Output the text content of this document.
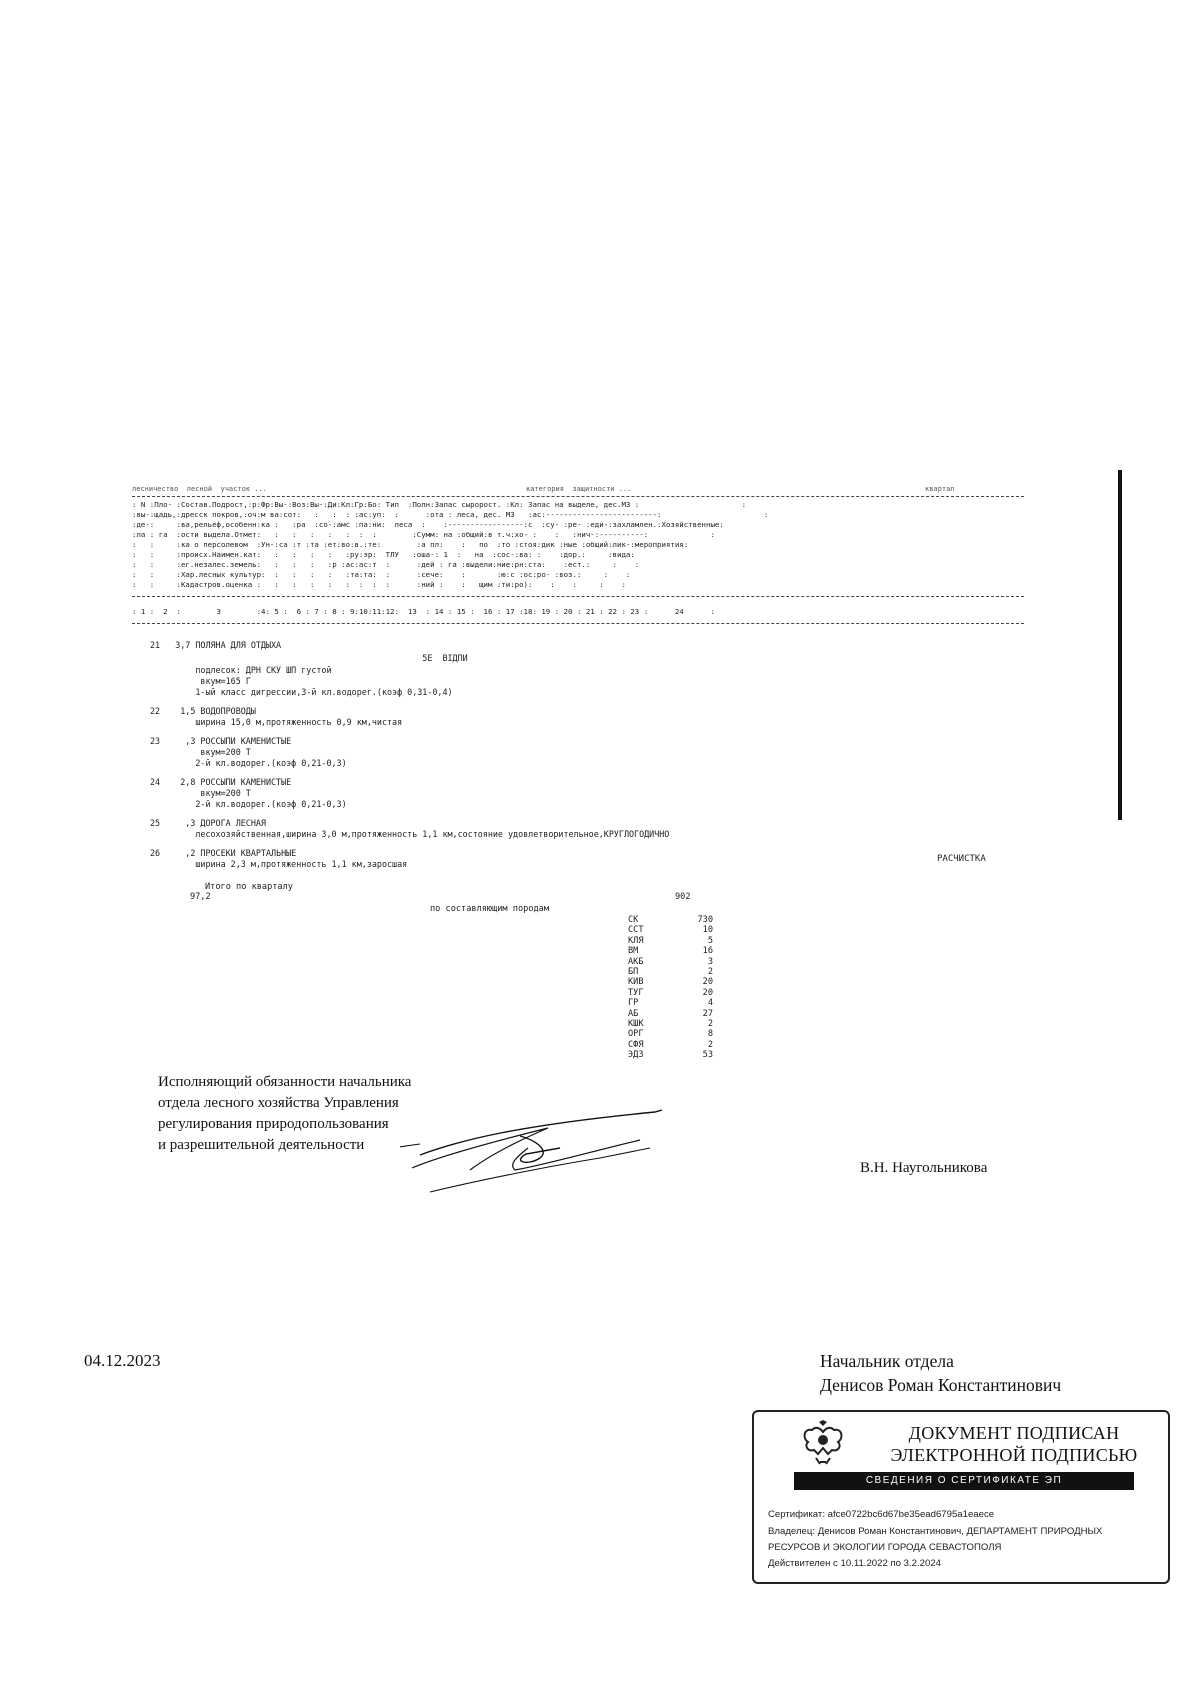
лесничество  лесной  участок ...	категория  защитности ...	квартал
: N :Пло- :Состав.Подрост,:р:Фр:Вы-:Воз:Вы-:Ди:Кл:Гр:Бо: Тип  :Полн:Запас сыророст. :Кл: Запас на выделе, дес.М3 :                       :
:вы-:щадь,:дресск покров,:оч:м ва:сот:   :   :  : :ас:уп:  :      :ота : леса, дес. М3   :ас:-------------------------:                       :
:де-:     :ва,рельеф,особенн:ка :   :ра  :со-:амс :па:ни:  леса  :    :-----------------:с  :су- :ре- :еди-:захламлен.:Хозяйственные:
:ла : га  :ости выдела.Отмет:   :   :   :   :   :  :  :        :Сумм: на :общий:в т.ч:хо- :    :   :нич-:----------:              :
:   :     :ка о персолевом  :Ун-:са :т :та :ет:во:в.:те:        :а пл:    :   по  :то :стоя:дик :ные :общий:лик-:мероприятия:
:   :     :происх.Наимен.кат:   :   :   :   :   :ру:эр:  ТЛУ   :оша-: 1  :   на  :сос-:ва: :    :дор.:     :вида:
:   :     :ег.незалес.земель:   :   :   :   :р :ас:ас:т  :      :дей : га :выдели:ние:рн:ста:    :ест.:     :    :
:   :     :Хар.лесных культур:  :   :   :   :   :та:та:  :      :сече:    :       :ю:с :ос:ро- :воз.:     :    :
:   :     :Кадастров.оценка :   :   :   :   :   :  :  :  :      :ний :    :   щим :ти:ро):    :    :     :    :
: 1 :  2  :        3        :4: 5 :  6 : 7 : 8 : 9:10:11:12:  13  : 14 : 15 :  16 : 17 :18: 19 : 20 : 21 : 22 : 23 :      24      :
21   3,7 ПОЛЯНА ДЛЯ ОТДЫХА
5Е  ВIДПИ
подлесок: ДРН СКУ ШП густой
вкум=165 Г
1-ый класс дигрессии,3-й кл.водорег.(коэф 0,31-0,4)
22    1,5 ВОДОПРОВОДЫ
ширина 15,0 м,протяженность 0,9 км,чистая
23     ,3 РОССЫПИ КАМЕНИСТЫЕ
вкум=200 Т
2-й кл.водорег.(коэф 0,21-0,3)
24    2,8 РОССЫПИ КАМЕНИСТЫЕ
вкум=200 Т
2-й кл.водорег.(коэф 0,21-0,3)
25     ,3 ДОРОГА ЛЕСНАЯ
лесохозяйственная,ширина 3,0 м,протяженность 1,1 км,состояние удовлетворительное,КРУГЛОГОДИЧНО
26     ,2 ПРОСЕКИ КВАРТАЛЬНЫЕ
ширина 2,3 м,протяженность 1,1 км,заросшая	РАСЧИСТКА
Итого по кварталу
97,2	902
по составляющим породам
СК	730
ССТ	10
КЛЯ	5
ВМ	16
АКБ	3
БП	2
КИВ	20
ТУГ	20
ГР	4
АБ	27
КШК	2
ОРГ	8
СФЯ	2
ЭДЗ	53
Исполняющий обязанности начальника
отдела лесного хозяйства Управления
регулирования природопользования
и разрешительной деятельности
В.Н. Наугольникова
04.12.2023	Начальник отдела
Денисов Роман Константинович
ДОКУМЕНТ ПОДПИСАН
ЭЛЕКТРОННОЙ ПОДПИСЬЮ
СВЕДЕНИЯ О СЕРТИФИКАТЕ ЭП
Сертификат: afce0722bc6d67be35ead6795a1eaece
Владелец: Денисов Роман Константинович, ДЕПАРТАМЕНТ ПРИРОДНЫХ
РЕСУРСОВ И ЭКОЛОГИИ ГОРОДА СЕВАСТОПОЛЯ
Действителен с 10.11.2022 по 3.2.2024
